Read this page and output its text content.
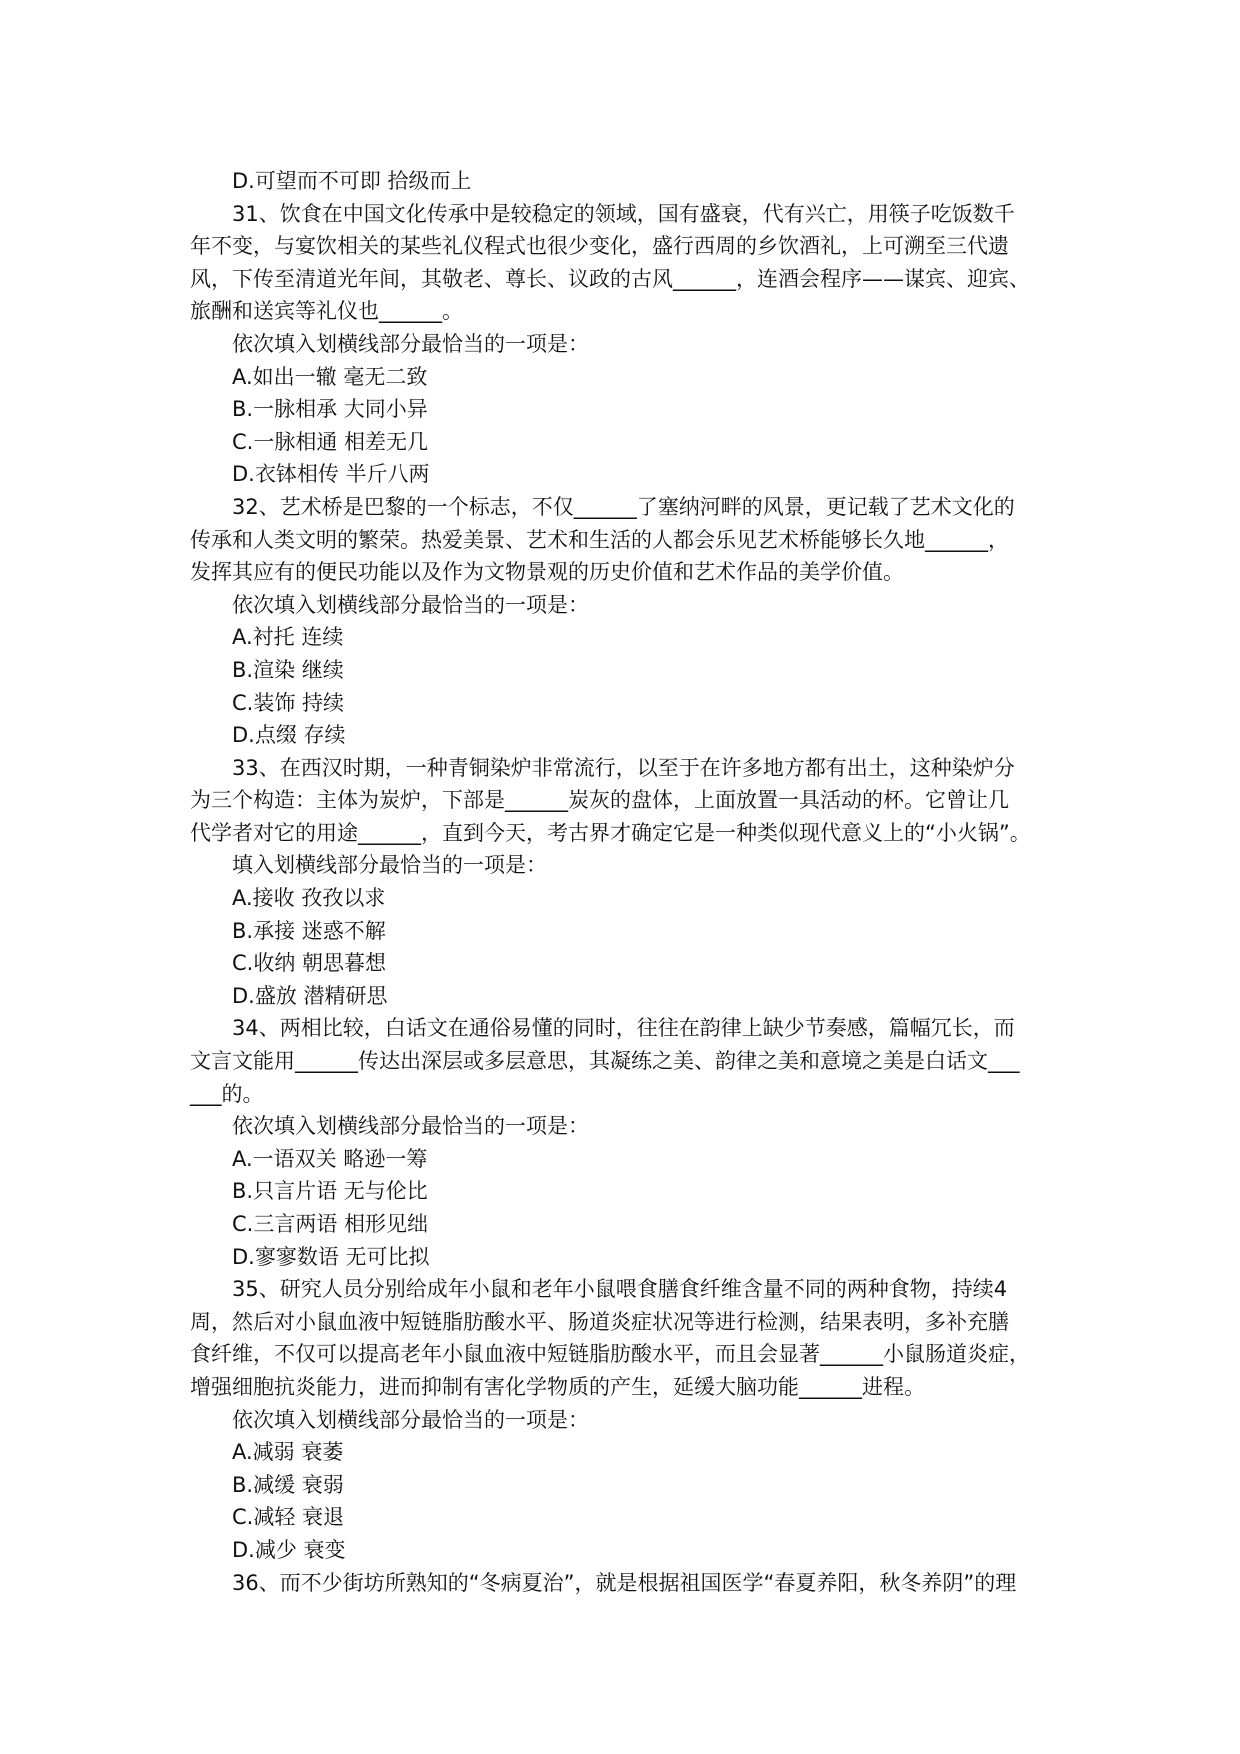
D.可望而不可即 拾级而上
31、饮食在中国文化传承中是较稳定的领域，国有盛衰，代有兴亡，用筷子吃饭数千
年不变，与宴饮相关的某些礼仪程式也很少变化，盛行西周的乡饮酒礼，上可溯至三代遗
风，下传至清道光年间，其敬老、尊长、议政的古风______，连酒会程序——谋宾、迎宾、
旅酬和送宾等礼仪也______。
依次填入划横线部分最恰当的一项是：
A.如出一辙 毫无二致
B.一脉相承 大同小异
C.一脉相通 相差无几
D.衣钵相传 半斤八两
32、艺术桥是巴黎的一个标志，不仅______了塞纳河畔的风景，更记载了艺术文化的
传承和人类文明的繁荣。热爱美景、艺术和生活的人都会乐见艺术桥能够长久地______，
发挥其应有的便民功能以及作为文物景观的历史价值和艺术作品的美学价值。
依次填入划横线部分最恰当的一项是：
A.衬托 连续
B.渲染 继续
C.装饰 持续
D.点缀 存续
33、在西汉时期，一种青铜染炉非常流行，以至于在许多地方都有出土，这种染炉分
为三个构造：主体为炭炉，下部是______炭灰的盘体，上面放置一具活动的杯。它曾让几
代学者对它的用途______，直到今天，考古界才确定它是一种类似现代意义上的“小火锅”。
填入划横线部分最恰当的一项是：
A.接收 孜孜以求
B.承接 迷惑不解
C.收纳 朝思暮想
D.盛放 潜精研思
34、两相比较，白话文在通俗易懂的同时，往往在韵律上缺少节奏感，篇幅冗长，而
文言文能用______传达出深层或多层意思，其凝练之美、韵律之美和意境之美是白话文___
___的。
依次填入划横线部分最恰当的一项是：
A.一语双关 略逊一筹
B.只言片语 无与伦比
C.三言两语 相形见绌
D.寥寥数语 无可比拟
35、研究人员分别给成年小鼠和老年小鼠喂食膳食纤维含量不同的两种食物，持续4
周，然后对小鼠血液中短链脂肪酸水平、肠道炎症状况等进行检测，结果表明，多补充膳
食纤维，不仅可以提高老年小鼠血液中短链脂肪酸水平，而且会显著______小鼠肠道炎症，
增强细胞抗炎能力，进而抑制有害化学物质的产生，延缓大脑功能______进程。
依次填入划横线部分最恰当的一项是：
A.减弱 衰萎
B.减缓 衰弱
C.减轻 衰退
D.减少 衰变
36、而不少街坊所熟知的“冬病夏治”，就是根据祖国医学“春夏养阳，秋冬养阴”的理
